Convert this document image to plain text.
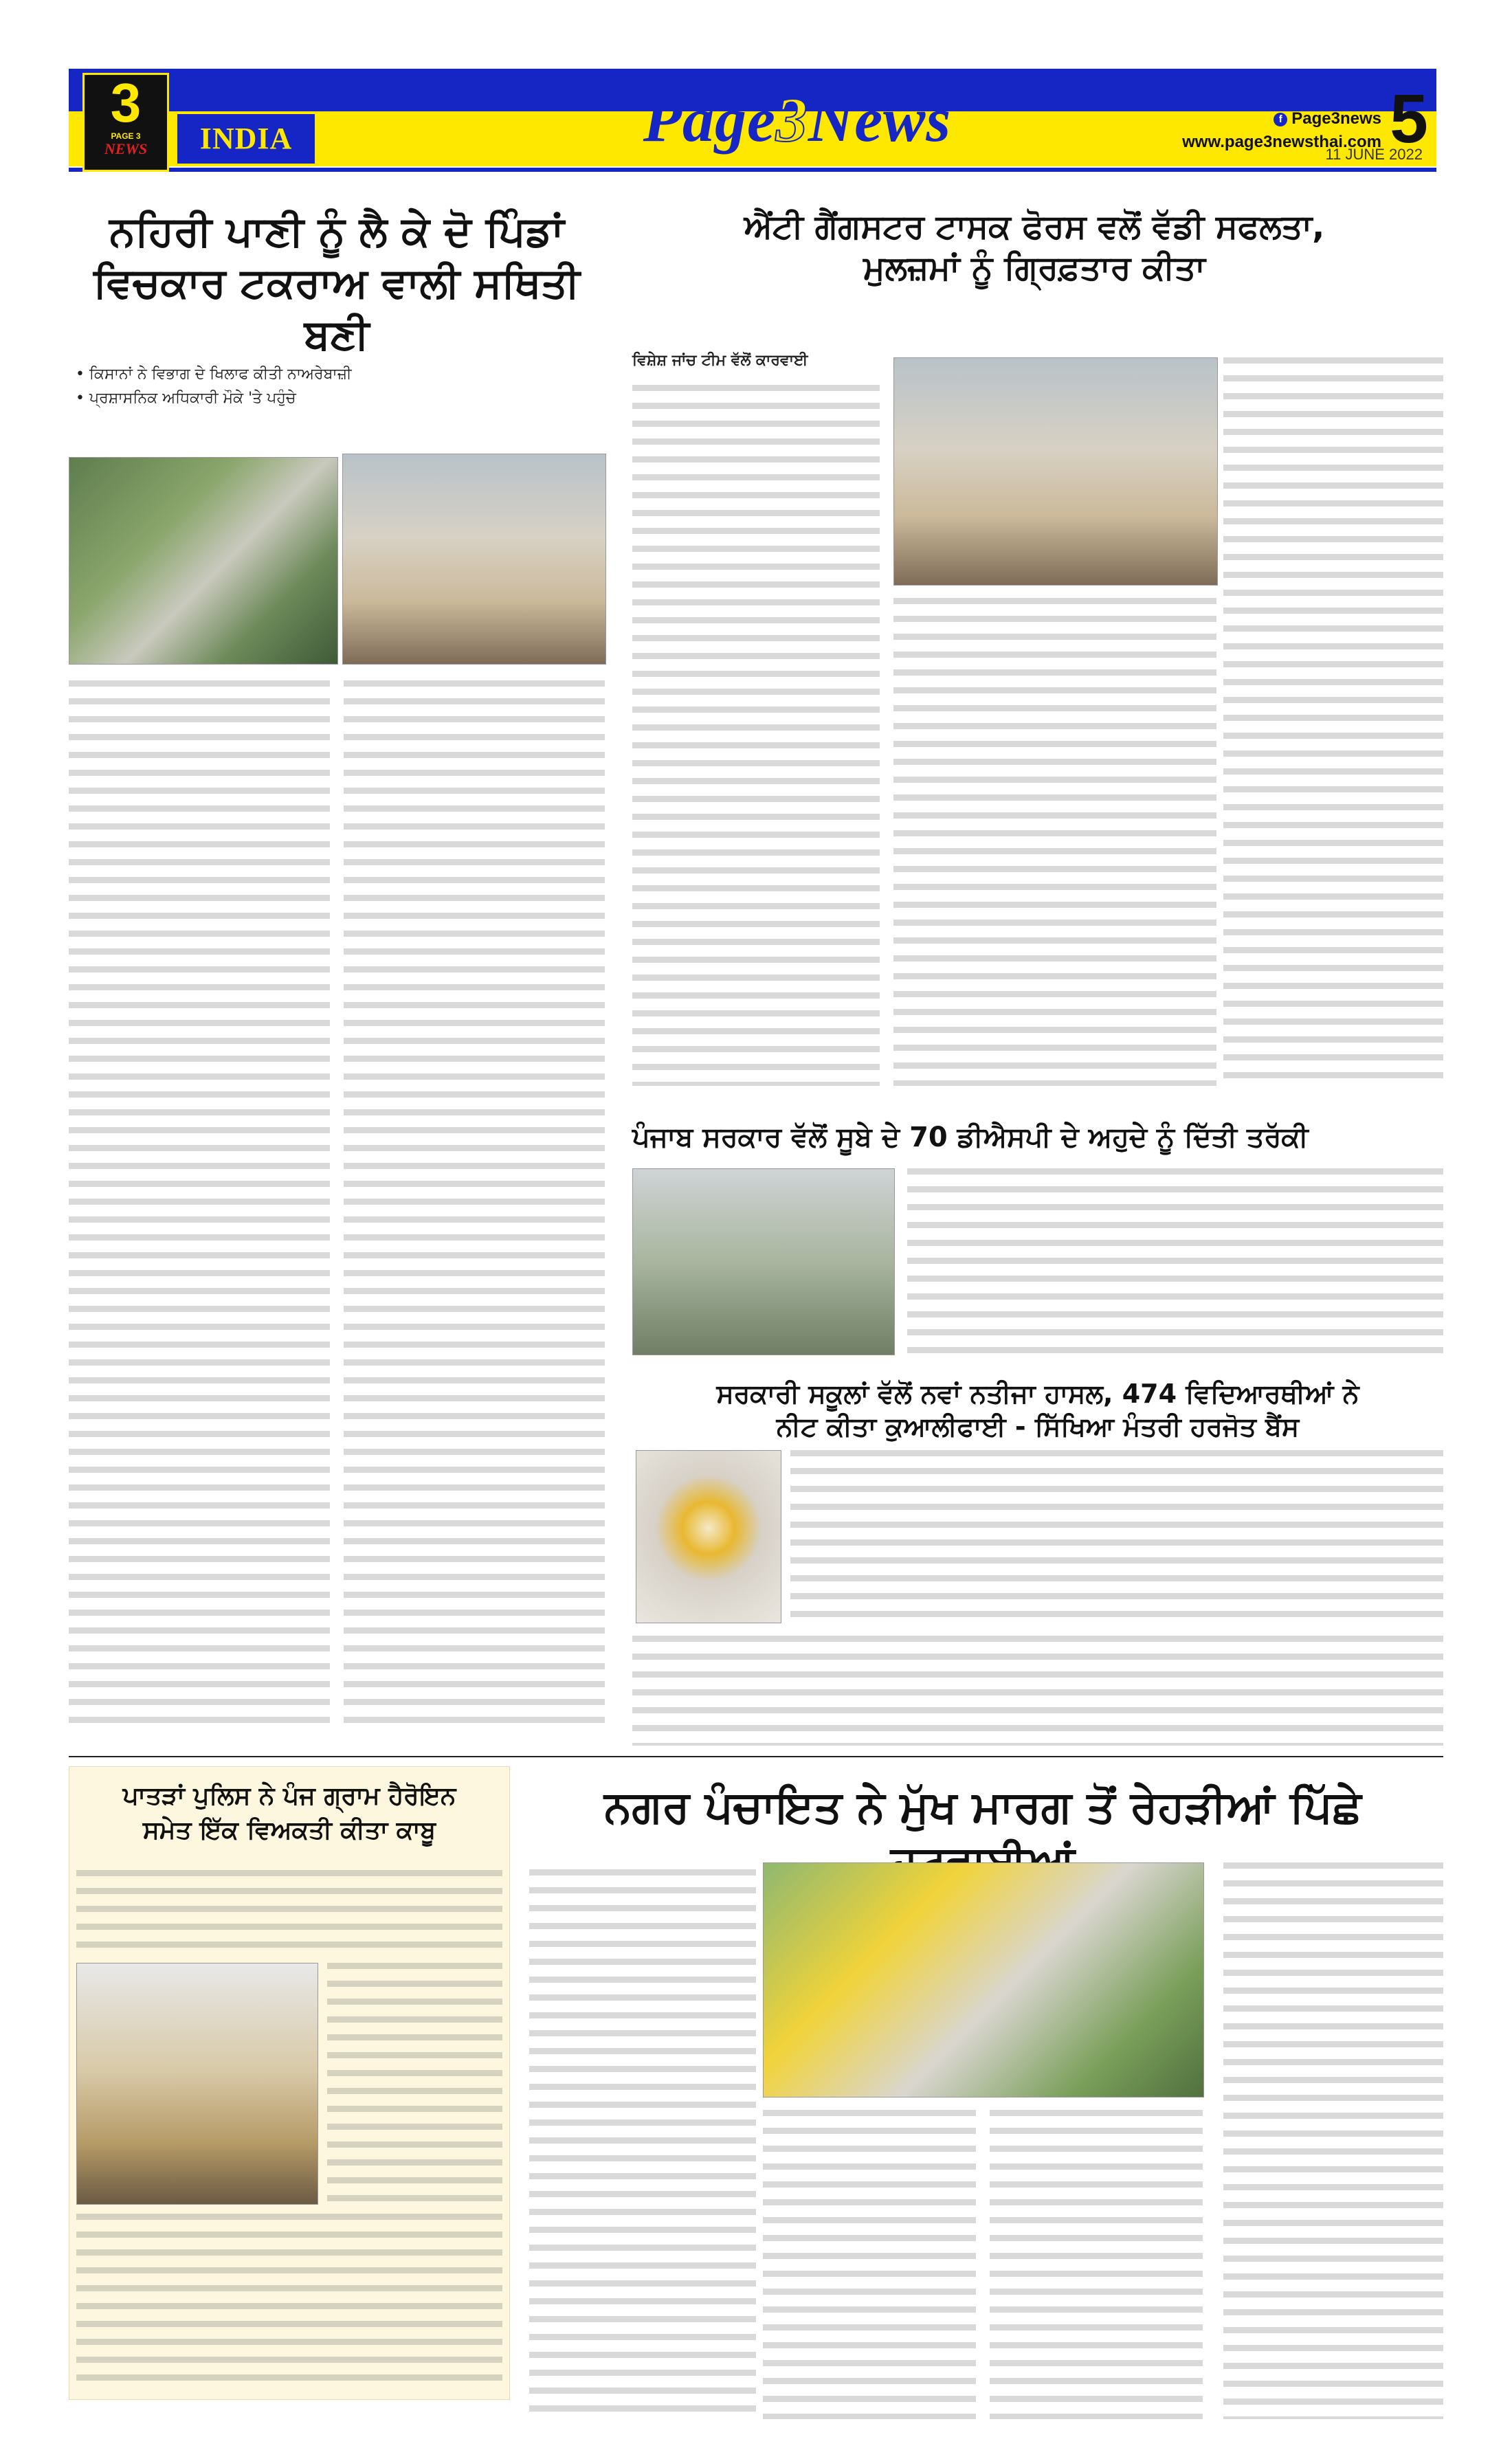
3
PAGE 3
NEWS	INDIA	Page3News	f Page3news
www.page3newsthai.com 5
11 JUNE 2022
ਨਹਿਰੀ ਪਾਣੀ ਨੂੰ ਲੈ ਕੇ ਦੋ ਪਿੰਡਾਂ
ਵਿਚਕਾਰ ਟਕਰਾਅ ਵਾਲੀ ਸਥਿਤੀ ਬਣੀ
• ਕਿਸਾਨਾਂ ਨੇ ਵਿਭਾਗ ਦੇ ਖਿਲਾਫ ਕੀਤੀ ਨਾਅਰੇਬਾਜ਼ੀ
• ਪ੍ਰਸ਼ਾਸਨਿਕ ਅਧਿਕਾਰੀ ਮੌਕੇ 'ਤੇ ਪਹੁੰਚੇ
ਐਂਟੀ ਗੈਂਗਸਟਰ ਟਾਸਕ ਫੋਰਸ ਵਲੋਂ ਵੱਡੀ ਸਫਲਤਾ,
ਮੁਲਜ਼ਮਾਂ ਨੂੰ ਗ੍ਰਿਫ਼ਤਾਰ ਕੀਤਾ
ਵਿਸ਼ੇਸ਼ ਜਾਂਚ ਟੀਮ ਵੱਲੋਂ ਕਾਰਵਾਈ
ਪੰਜਾਬ ਸਰਕਾਰ ਵੱਲੋਂ ਸੂਬੇ ਦੇ 70 ਡੀਐਸਪੀ ਦੇ ਅਹੁਦੇ ਨੂੰ ਦਿੱਤੀ ਤਰੱਕੀ
ਸਰਕਾਰੀ ਸਕੂਲਾਂ ਵੱਲੋਂ ਨਵਾਂ ਨਤੀਜਾ ਹਾਸਲ, 474 ਵਿਦਿਆਰਥੀਆਂ ਨੇ
ਨੀਟ ਕੀਤਾ ਕੁਆਲੀਫਾਈ - ਸਿੱਖਿਆ ਮੰਤਰੀ ਹਰਜੋਤ ਬੈਂਸ
ਪਾਤੜਾਂ ਪੁਲਿਸ ਨੇ ਪੰਜ ਗ੍ਰਾਮ ਹੈਰੋਇਨ
ਸਮੇਤ ਇੱਕ ਵਿਅਕਤੀ ਕੀਤਾ ਕਾਬੂ	ਨਗਰ ਪੰਚਾਇਤ ਨੇ ਮੁੱਖ ਮਾਰਗ ਤੋਂ ਰੇਹੜੀਆਂ ਪਿੱਛੇ
